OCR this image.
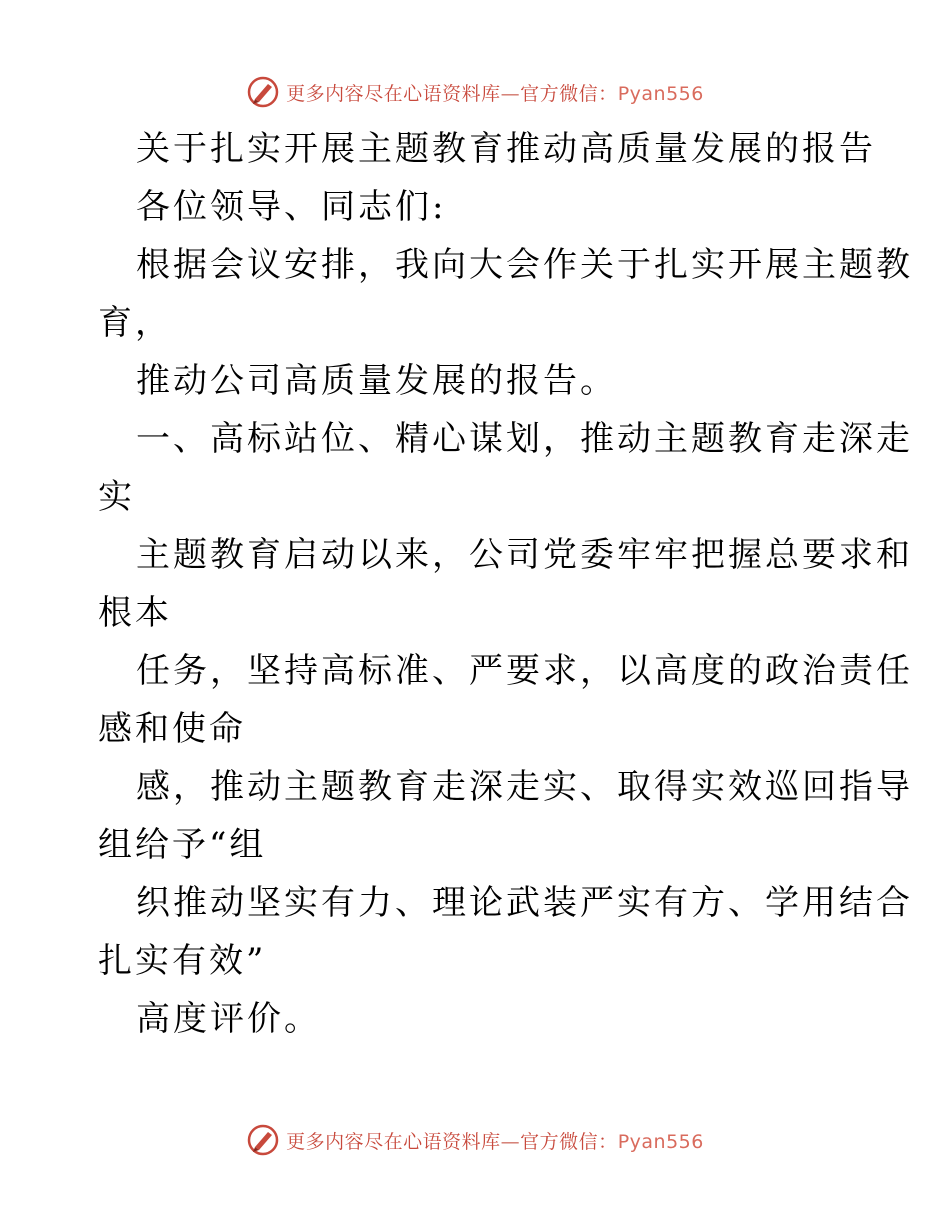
更多内容尽在心语资料库—官方微信：Pyan556
关于扎实开展主题教育推动高质量发展的报告
各位领导、同志们:
根据会议安排，我向大会作关于扎实开展主题教
育，
推动公司高质量发展的报告。
一、高标站位、精心谋划，推动主题教育走深走
实
主题教育启动以来，公司党委牢牢把握总要求和
根本
任务，坚持高标准、严要求，以高度的政治责任
感和使命
感，推动主题教育走深走实、取得实效巡回指导
组给予“组
织推动坚实有力、理论武装严实有方、学用结合
扎实有效”
高度评价。
更多内容尽在心语资料库—官方微信：Pyan556
